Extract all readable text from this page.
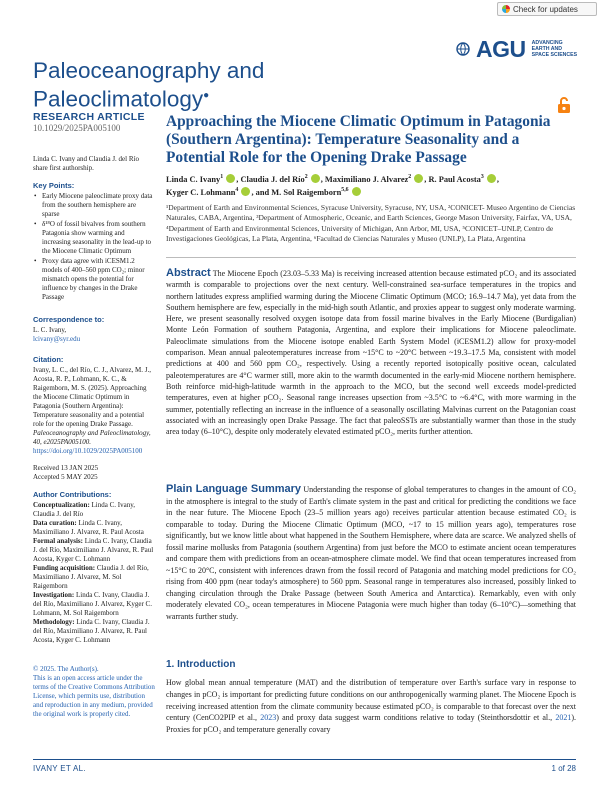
Check for updates
AGU ADVANCING
EARTH AND
SPACE SCIENCES
Paleoceanography and
Paleoclimatology●
RESEARCH ARTICLE
10.1029/2025PA005100
Linda C. Ivany and Claudia J. del Río share first authorship.
Key Points:
• Early Miocene paleoclimate proxy data from the southern hemisphere are sparse
• δ¹⁸O of fossil bivalves from southern Patagonia show warming and increasing seasonality in the lead-up to the Miocene Climatic Optimum
• Proxy data agree with iCESM1.2 models of 400–560 ppm CO₂; minor mismatch opens the potential for influence by changes in the Drake Passage
Correspondence to:
L. C. Ivany,
lcivany@syr.edu
Citation:
Ivany, L. C., del Río, C. J., Alvarez, M. J., Acosta, R. P., Lohmann, K. C., & Raigemborn, M. S. (2025). Approaching the Miocene Climatic Optimum in Patagonia (Southern Argentina): Temperature seasonality and a potential role for the opening Drake Passage.
Paleoceanography and Paleoclimatology, 40, e2025PA005100.
https://doi.org/10.1029/2025PA005100
Received 13 JAN 2025
Accepted 5 MAY 2025
Author Contributions:
Conceptualization: Linda C. Ivany, Claudia J. del Río
Data curation: Linda C. Ivany, Maximiliano J. Alvarez, R. Paul Acosta
Formal analysis: Linda C. Ivany, Claudia J. del Río, Maximiliano J. Alvarez, R. Paul Acosta, Kyger C. Lohmann
Funding acquisition: Claudia J. del Río, Maximiliano J. Alvarez, M. Sol Raigemborn
Investigation: Linda C. Ivany, Claudia J. del Río, Maximiliano J. Alvarez, Kyger C. Lohmann, M. Sol Raigemborn
Methodology: Linda C. Ivany, Claudia J. del Río, Maximiliano J. Alvarez, R. Paul Acosta, Kyger C. Lohmann
© 2025. The Author(s).
This is an open access article under the terms of the Creative Commons Attribution License, which permits use, distribution and reproduction in any medium, provided the original work is properly cited.
Approaching the Miocene Climatic Optimum in Patagonia
(Southern Argentina): Temperature Seasonality and a
Potential Role for the Opening Drake Passage
Linda C. Ivany$^1$ , Claudia J. del Río$^2$ , Maximiliano J. Alvarez$^2$ , R. Paul Acosta$^3$ ,
Kyger C. Lohmann$^4$ , and M. Sol Raigemborn$^{5,6}$
¹Department of Earth and Environmental Sciences, Syracuse University, Syracuse, NY, USA, ²CONICET- Museo Argentino de Ciencias Naturales, CABA, Argentina, ³Department of Atmospheric, Oceanic, and Earth Sciences, George Mason University, Fairfax, VA, USA, ⁴Department of Earth and Environmental Sciences, University of Michigan, Ann Arbor, MI, USA, ⁵CONICET–UNLP, Centro de Investigaciones Geológicas, La Plata, Argentina, ⁶Facultad de Ciencias Naturales y Museo (UNLP), La Plata, Argentina
Abstract The Miocene Epoch (23.03–5.33 Ma) is receiving increased attention because estimated pCO₂ and its associated warmth is comparable to projections over the next century. Well-constrained sea-surface temperatures in the tropics and northern latitudes express amplified warming during the Miocene Climatic Optimum (MCO; 16.9–14.7 Ma), yet data from the Southern hemisphere are few, especially in the mid-high south Atlantic, and proxies appear to suggest only moderate warming. Here, we present seasonally resolved oxygen isotope data from fossil marine bivalves in the Early Miocene (Burdigalian) Monte León Formation of southern Patagonia, Argentina, and explore their implications for Miocene paleoclimate. Paleoclimate simulations from the Miocene isotope enabled Earth System Model (iCESM1.2) allow for proxy-model comparison. Mean annual paleotemperatures increase from ~15°C to ~20°C between ~19.3–17.5 Ma, consistent with model predictions at 400 and 560 ppm CO₂, respectively. Using a recently reported isotopically positive ocean, calculated paleotemperatures are 4°C warmer still, more akin to the warmth documented in the early-mid Miocene northern hemisphere. Both reinforce mid-high-latitude warmth in the approach to the MCO, but the second well exceeds model-predicted temperatures, even at higher pCO₂. Seasonal range increases upsection from ~3.5°C to ~6.4°C, with more warming in the summer, potentially reflecting an increase in the influence of a seasonally oscillating Malvinas current on the Patagonian coast associated with an increasingly open Drake Passage. The fact that paleoSSTs are substantially warmer than those in the study area today (6–10°C), despite only moderately elevated estimated pCO₂, merits further attention.
Plain Language Summary Understanding the response of global temperatures to changes in the amount of CO₂ in the atmosphere is integral to the study of Earth's climate system in the past and critical for predicting the conditions we face in the near future. The Miocene Epoch (23–5 million years ago) receives particular attention because estimated CO₂ is comparable to today. During the Miocene Climatic Optimum (MCO, ~17 to 15 million years ago), temperatures rose significantly, but we know little about what happened in the Southern Hemisphere, where data are scarce. We analyzed shells of fossil marine mollusks from Patagonia (southern Argentina) from just before the MCO to estimate ancient ocean temperatures and compare them with predictions from an ocean-atmosphere climate model. We find that ocean temperatures increased from ~15°C to 20°C, consistent with inferences drawn from the fossil record of Patagonia and matching model predictions for CO₂ rising from 400 ppm (near today's atmosphere) to 560 ppm. Seasonal range in temperatures also increased, possibly linked to changing circulation through the Drake Passage (between South America and Antarctica). Remarkably, even with only moderately elevated CO₂, ocean temperatures in Miocene Patagonia were much higher than today (6–10°C)—something that warrants further study.
1. Introduction
How global mean annual temperature (MAT) and the distribution of temperature over Earth's surface vary in response to changes in pCO₂ is important for predicting future conditions on our anthropogenically warming planet. The Miocene Epoch is receiving increased attention from the climate community because estimated pCO₂ is comparable to that forecast over the next century (CenCO2PIP et al., 2023) and proxy data suggest warm conditions relative to today (Steinthorsdottir et al., 2021). Proxies for pCO₂ and temperature generally covary
IVANY ET AL.	1 of 28
